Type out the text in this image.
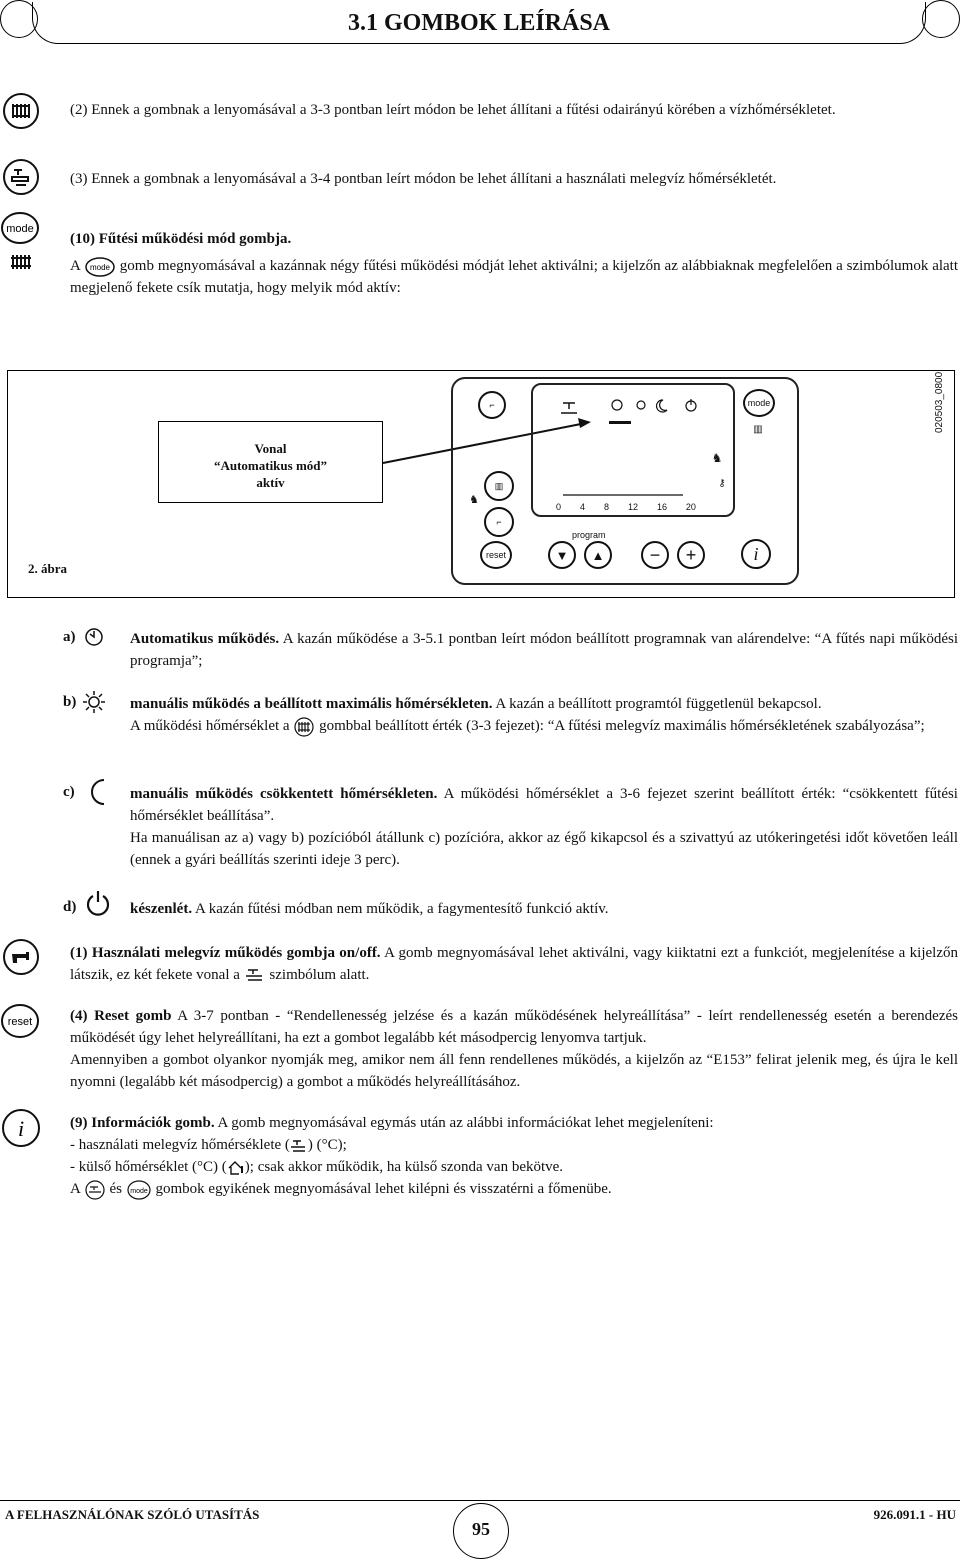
3.1 GOMBOK LEÍRÁSA
mode
(2) Ennek a gombnak a lenyomásával a 3-3 pontban leírt módon be lehet állítani a fűtési odairányú körében a vízhőmérsékletet.
(3) Ennek a gombnak a lenyomásával a 3-4 pontban leírt módon be lehet állítani a használati melegvíz hőmérsékletét.
(10) Fűtési működési mód gombja.
A mode gomb megnyomásával a kazánnak négy fűtési működési módját lehet aktiválni; a kijelzőn az alábbiaknak megfelelően a szimbólumok alatt megjelenő fekete csík mutatja, hogy melyik mód aktív:
Vonal
“Automatikus mód”
aktív
0 4 8 12 16 20
program
⌐	mode
▥
♞
⚷
♞
▥
⌐
reset	▼	▲	−	+	i
020503_0800
2. ábra
a)	Automatikus működés. A kazán működése a 3-5.1 pontban leírt módon beállított programnak van alárendelve: “A fűtés napi működési programja”;
b)	manuális működés a beállított maximális hőmérsékleten. A kazán a beállított programtól függetlenül bekapcsol.
A működési hőmérséklet a gombbal beállított érték (3-3 fejezet): “A fűtési melegvíz maximális hőmérsékletének szabályozása”;
c)	manuális működés csökkentett hőmérsékleten. A működési hőmérséklet a 3-6 fejezet szerint beállított érték: “csökkentett fűtési hőmérséklet beállítása”.
Ha manuálisan az a) vagy b) pozícióból átállunk c) pozícióra, akkor az égő kikapcsol és a szivattyú az utókeringetési időt követően leáll (ennek a gyári beállítás szerinti ideje 3 perc).
d)	készenlét. A kazán fűtési módban nem működik, a fagymentesítő funkció aktív.
(1) Használati melegvíz működés gombja on/off. A gomb megnyomásával lehet aktiválni, vagy kiiktatni ezt a funkciót, megjelenítése a kijelzőn látszik, ez két fekete vonal a szimbólum alatt.
reset	(4) Reset gomb A 3-7 pontban - “Rendellenesség jelzése és a kazán működésének helyreállítása” - leírt rendellenesség esetén a berendezés működését úgy lehet helyreállítani, ha ezt a gombot legalább két másodpercig lenyomva tartjuk.
Amennyiben a gombot olyankor nyomják meg, amikor nem áll fenn rendellenes működés, a kijelzőn az “E153” felirat jelenik meg, és újra le kell nyomni (legalább két másodpercig) a gombot a működés helyreállításához.
i	(9) Információk gomb. A gomb megnyomásával egymás után az alábbi információkat lehet megjeleníteni:
- használati melegvíz hőmérséklete ( ) (°C);
- külső hőmérséklet (°C) ( ); csak akkor működik, ha külső szonda van bekötve.
A és mode gombok egyikének megnyomásával lehet kilépni és visszatérni a főmenübe.
A FELHASZNÁLÓNAK SZÓLÓ UTASÍTÁS	926.091.1 - HU
95
